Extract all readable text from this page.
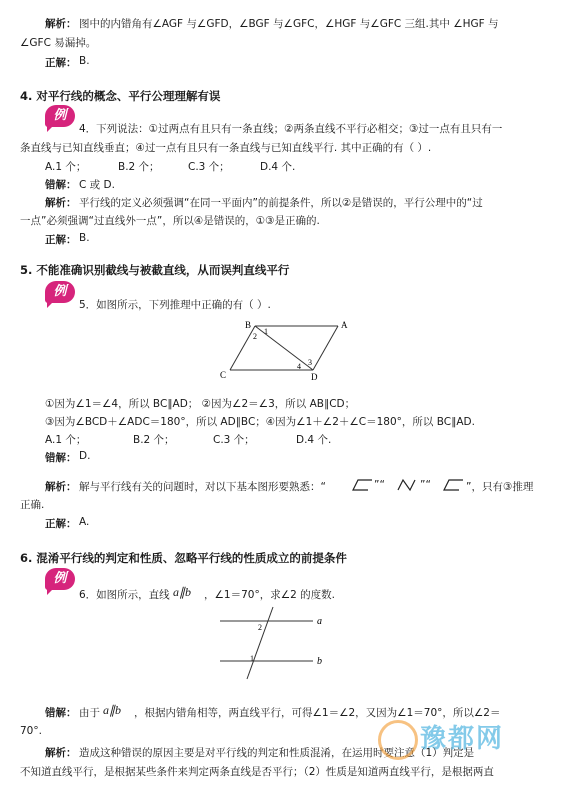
解析： 图中的内错角有∠AGF 与∠GFD，∠BGF 与∠GFC，∠HGF 与∠GFC 三组.其中 ∠HGF 与
∠GFC 易漏掉。
正解： B.
4. 对平行线的概念、平行公理理解有误
例
4．下列说法：①过两点有且只有一条直线；②两条直线不平行必相交；③过一点有且只有一
条直线与已知直线垂直；④过一点有且只有一条直线与已知直线平行. 其中正确的有（ ）.
A.1 个；	B.2 个；	C.3 个；	D.4 个.
错解： C 或 D.
解析： 平行线的定义必须强调“在同一平面内”的前提条件，所以②是错误的，平行公理中的“过
一点”必须强调“过直线外一点”，所以④是错误的，①③是正确的.
正解： B.
5. 不能准确识别截线与被截直线，从而误判直线平行
例
5．如图所示，下列推理中正确的有（ ）.
B	A
C	D
1
2
3
4
①因为∠1＝∠4，所以 BC∥AD； ②因为∠2＝∠3，所以 AB∥CD；
③因为∠BCD＋∠ADC＝180°，所以 AD∥BC；④因为∠1＋∠2＋∠C＝180°，所以 BC∥AD.
A.1 个；	B.2 个；	C.3 个；	D.4 个.
错解： D.
解析： 解与平行线有关的问题时，对以下基本图形要熟悉：“	”“	”“	”，只有③推理
正确.
正解： A.
6. 混淆平行线的判定和性质、忽略平行线的性质成立的前提条件
例
6．如图所示，直线 a∥b ，∠1＝70°，求∠2 的度数.
a
b
2
1
错解： 由于 a∥b ，根据内错角相等，两直线平行，可得∠1＝∠2，又因为∠1＝70°，所以∠2＝
70°.
解析： 造成这种错误的原因主要是对平行线的判定和性质混淆，在运用时要注意（1）判定是
不知道直线平行，是根据某些条件来判定两条直线是否平行；（2）性质是知道两直线平行，是根据两直
豫都网
